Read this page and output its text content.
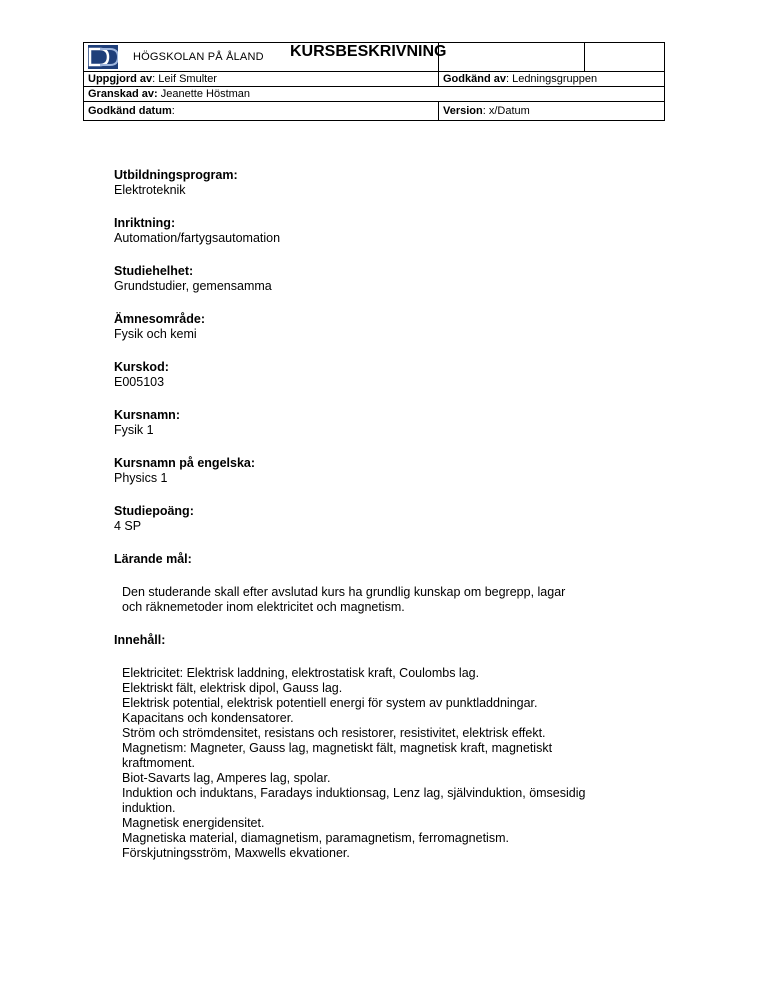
HÖGSKOLAN PÅ ÅLAND KURSBESKRIVNING
Uppgjord av: Leif Smulter	Godkänd av: Ledningsgruppen
Granskad av: Jeanette Höstman
Godkänd datum:	Version: x/Datum
Utbildningsprogram:
Elektroteknik
Inriktning:
Automation/fartygsautomation
Studiehelhet:
Grundstudier, gemensamma
Ämnesområde:
Fysik och kemi
Kurskod:
E005103
Kursnamn:
Fysik 1
Kursnamn på engelska:
Physics 1
Studiepoäng:
4 SP
Lärande mål:
Den studerande skall efter avslutad kurs ha grundlig kunskap om begrepp, lagar
och räknemetoder inom elektricitet och magnetism.
Innehåll:
Elektricitet: Elektrisk laddning, elektrostatisk kraft, Coulombs lag.
Elektriskt fält, elektrisk dipol, Gauss lag.
Elektrisk potential, elektrisk potentiell energi för system av punktladdningar.
Kapacitans och kondensatorer.
Ström och strömdensitet, resistans och resistorer, resistivitet, elektrisk effekt.
Magnetism: Magneter, Gauss lag, magnetiskt fält, magnetisk kraft, magnetiskt
kraftmoment.
Biot-Savarts lag, Amperes lag, spolar.
Induktion och induktans, Faradays induktionsag, Lenz lag, självinduktion, ömsesidig
induktion.
Magnetisk energidensitet.
Magnetiska material, diamagnetism, paramagnetism, ferromagnetism.
Förskjutningsström, Maxwells ekvationer.
